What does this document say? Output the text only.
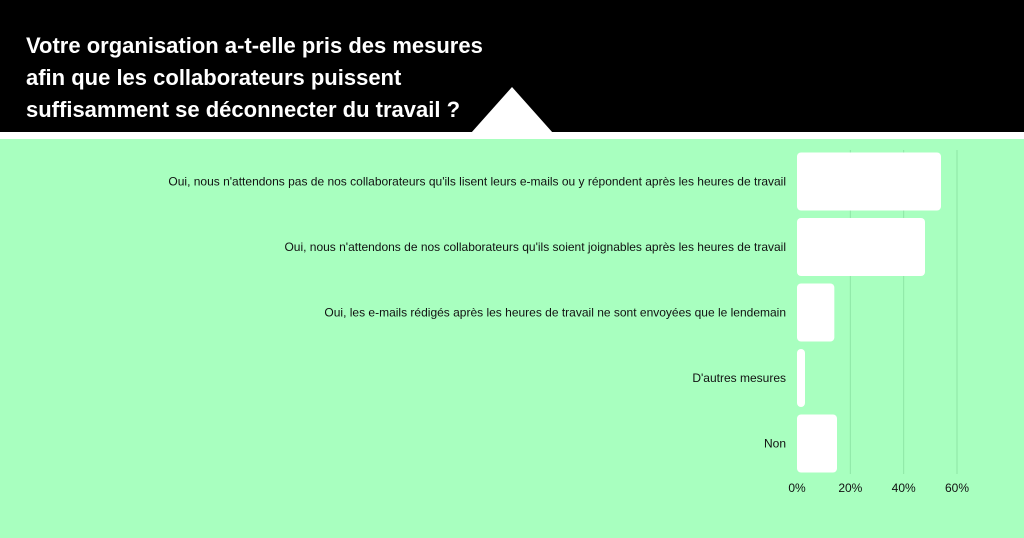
Votre organisation a-t-elle pris des mesures
afin que les collaborateurs puissent
suffisamment se déconnecter du travail ?
Oui, nous n'attendons pas de nos collaborateurs qu'ils lisent leurs e-mails ou y répondent après les heures de travail
Oui, nous n'attendons de nos collaborateurs qu'ils soient joignables après les heures de travail
Oui, les e-mails rédigés après les heures de travail ne sont envoyées que le lendemain
D'autres mesures
Non
0%	20% 40% 60%
